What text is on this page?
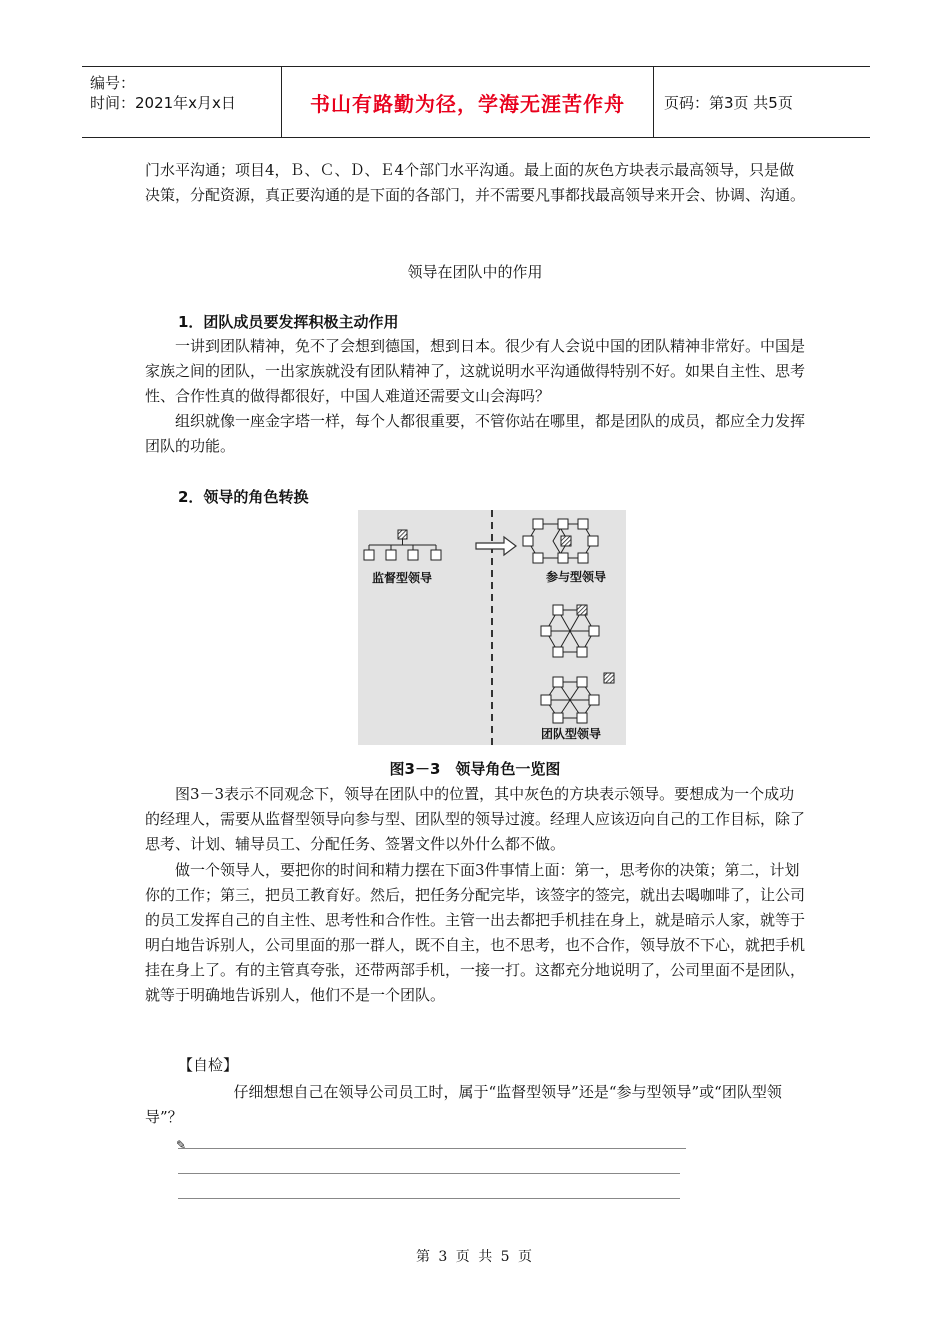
编号：
时间：2021年x月x日	书山有路勤为径，学海无涯苦作舟	页码：第3页 共5页

门水平沟通；项目4，Ｂ、Ｃ、Ｄ、Ｅ4个部门水平沟通。最上面的灰色方块表示最高领导，只是做决策，分配资源，真正要沟通的是下面的各部门，并不需要凡事都找最高领导来开会、协调、沟通。

领导在团队中的作用

1．团队成员要发挥积极主动作用

一讲到团队精神，免不了会想到德国，想到日本。很少有人会说中国的团队精神非常好。中国是家族之间的团队，一出家族就没有团队精神了，这就说明水平沟通做得特别不好。如果自主性、思考性、合作性真的做得都很好，中国人难道还需要文山会海吗？

组织就像一座金字塔一样，每个人都很重要，不管你站在哪里，都是团队的成员，都应全力发挥团队的功能。

2．领导的角色转换

监督型领导	参与型领导
团队型领导
图3－3　领导角色一览图

图3－3表示不同观念下，领导在团队中的位置，其中灰色的方块表示领导。要想成为一个成功的经理人，需要从监督型领导向参与型、团队型的领导过渡。经理人应该迈向自己的工作目标，除了思考、计划、辅导员工、分配任务、签署文件以外什么都不做。

做一个领导人，要把你的时间和精力摆在下面3件事情上面：第一，思考你的决策；第二，计划你的工作；第三，把员工教育好。然后，把任务分配完毕，该签字的签完，就出去喝咖啡了，让公司的员工发挥自己的自主性、思考性和合作性。主管一出去都把手机挂在身上，就是暗示人家，就等于明白地告诉别人，公司里面的那一群人，既不自主，也不思考，也不合作，领导放不下心，就把手机挂在身上了。有的主管真夸张，还带两部手机，一接一打。这都充分地说明了，公司里面不是团队，就等于明确地告诉别人，他们不是一个团队。

【自检】

仔细想想自己在领导公司员工时，属于“监督型领导”还是“参与型领导”或“团队型领导”？

✎
第 3 页 共 5 页
